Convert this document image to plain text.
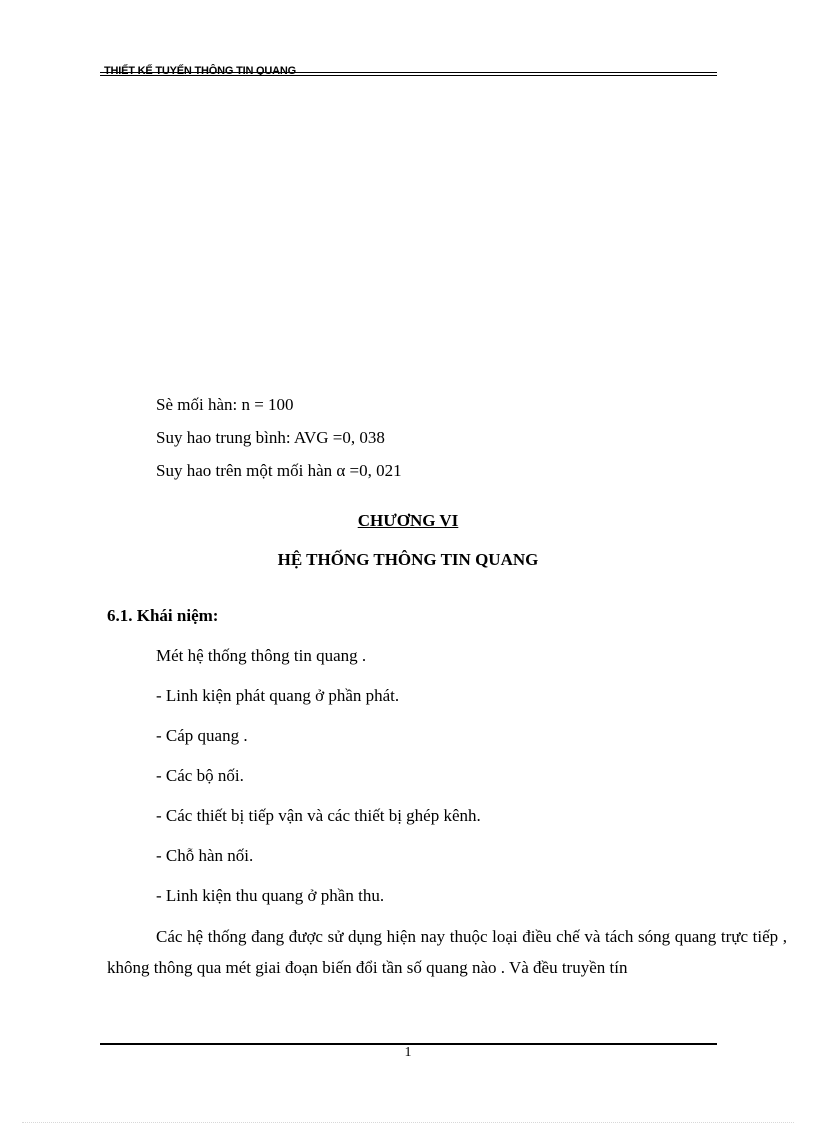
THIẾT KẾ TUYẾN THÔNG TIN QUANG
Sè mối hàn: n = 100
Suy hao trung bình: AVG =0, 038
Suy hao trên một mối hàn α =0, 021
CHƯƠNG VI
HỆ THỐNG THÔNG TIN QUANG
6.1. Khái niệm:
Mét hệ thống thông tin quang .
- Linh kiện phát quang ở phần phát.
- Cáp quang .
- Các bộ nối.
- Các thiết bị tiếp vận và các thiết bị ghép kênh.
- Chỗ hàn nối.
- Linh kiện thu quang ở phần thu.
Các hệ thống đang được sử dụng hiện nay thuộc loại điều chế và tách sóng quang trực tiếp , không thông qua mét giai đoạn biến đổi tần số quang nào . Và đều truyền tín
1
